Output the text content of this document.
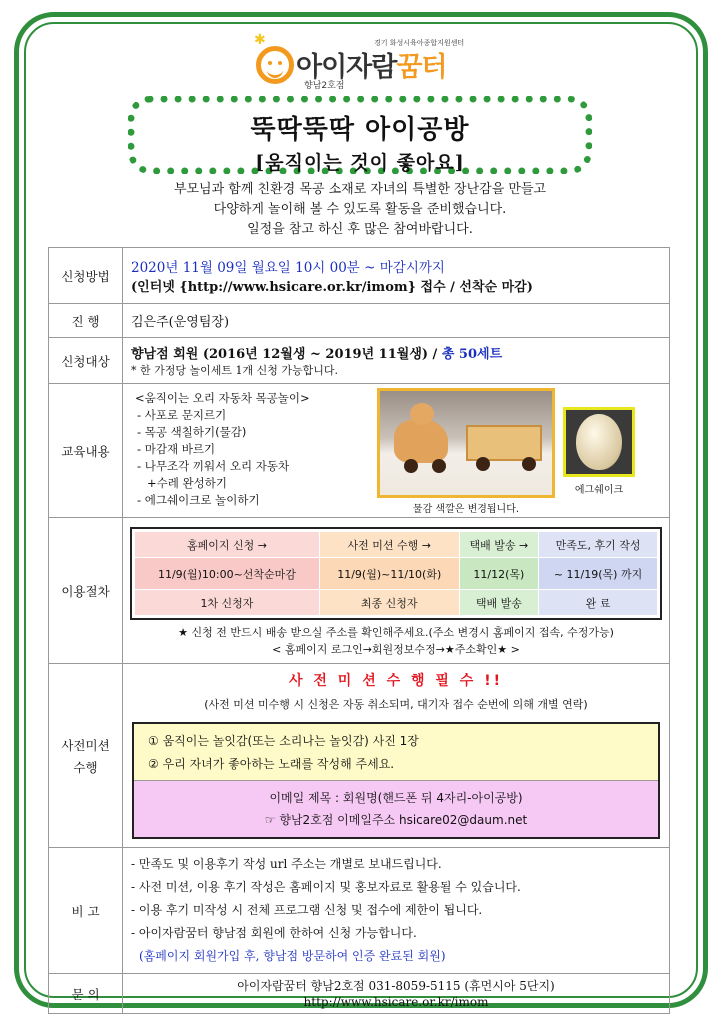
경기 화성시육아종합지원센터
✱
아이자람꿈터
향남2호점
뚝딱뚝딱 아이공방
[움직이는 것이 좋아요]
부모님과 함께 친환경 목공 소재로 자녀의 특별한 장난감을 만들고
다양하게 놀이해 볼 수 있도록 활동을 준비했습니다.
일정을 참고 하신 후 많은 참여바랍니다.
신청방법	2020년 11월 09일 월요일 10시 00분 ~ 마감시까지
(인터넷 {http://www.hsicare.or.kr/imom} 접수 / 선착순 마감)

진 행	김은주(운영팀장)
신청대상	향남점 회원 (2016년 12월생 ~ 2019년 11월생) / 총 50세트
* 한 가정당 놀이세트 1개 신청 가능합니다.

교육내용	
<움직이는 오리 자동차 목공놀이>
- 사포로 문지르기
- 목공 색칠하기(물감)
- 마감재 바르기
- 나무조각 끼워서 오리 자동차
+수레 완성하기
- 에그쉐이크로 놀이하기
물감 색깔은 변경됩니다.
에그쉐이크

이용절차	
홈페이지 신청 →	사전 미션 수행 →	택배 발송 →	만족도, 후기 작성
11/9(월)10:00~선착순마감	11/9(월)~11/10(화)	11/12(목)	~ 11/19(목) 까지
1차 신청자	최종 신청자	택배 발송	완 료
★ 신청 전 반드시 배송 받으실 주소를 확인해주세요.(주소 변경시 홈페이지 접속, 수정가능)
< 홈페이지 로그인→회원정보수정→★주소확인★ >

사전미션
수행

사 전 미 션 수 행 필 수 !!
(사전 미션 미수행 시 신청은 자동 취소되며, 대기자 접수 순번에 의해 개별 연락)
① 움직이는 놀잇감(또는 소리나는 놀잇감) 사진 1장
② 우리 자녀가 좋아하는 노래를 작성해 주세요.
이메일 제목 : 회원명(핸드폰 뒤 4자리-아이공방)
☞ 향남2호점 이메일주소 hsicare02@daum.net

비 고	
- 만족도 및 이용후기 작성 url 주소는 개별로 보내드립니다.
- 사전 미션, 이용 후기 작성은 홈페이지 및 홍보자료로 활용될 수 있습니다.
- 이용 후기 미작성 시 전체 프로그램 신청 및 접수에 제한이 됩니다.
- 아이자람꿈터 향남점 회원에 한하여 신청 가능합니다.
(홈페이지 회원가입 후, 향남점 방문하여 인증 완료된 회원)

문 의	
아이자람꿈터 향남2호점 031-8059-5115 (휴먼시아 5단지)
http://www.hsicare.or.kr/imom
